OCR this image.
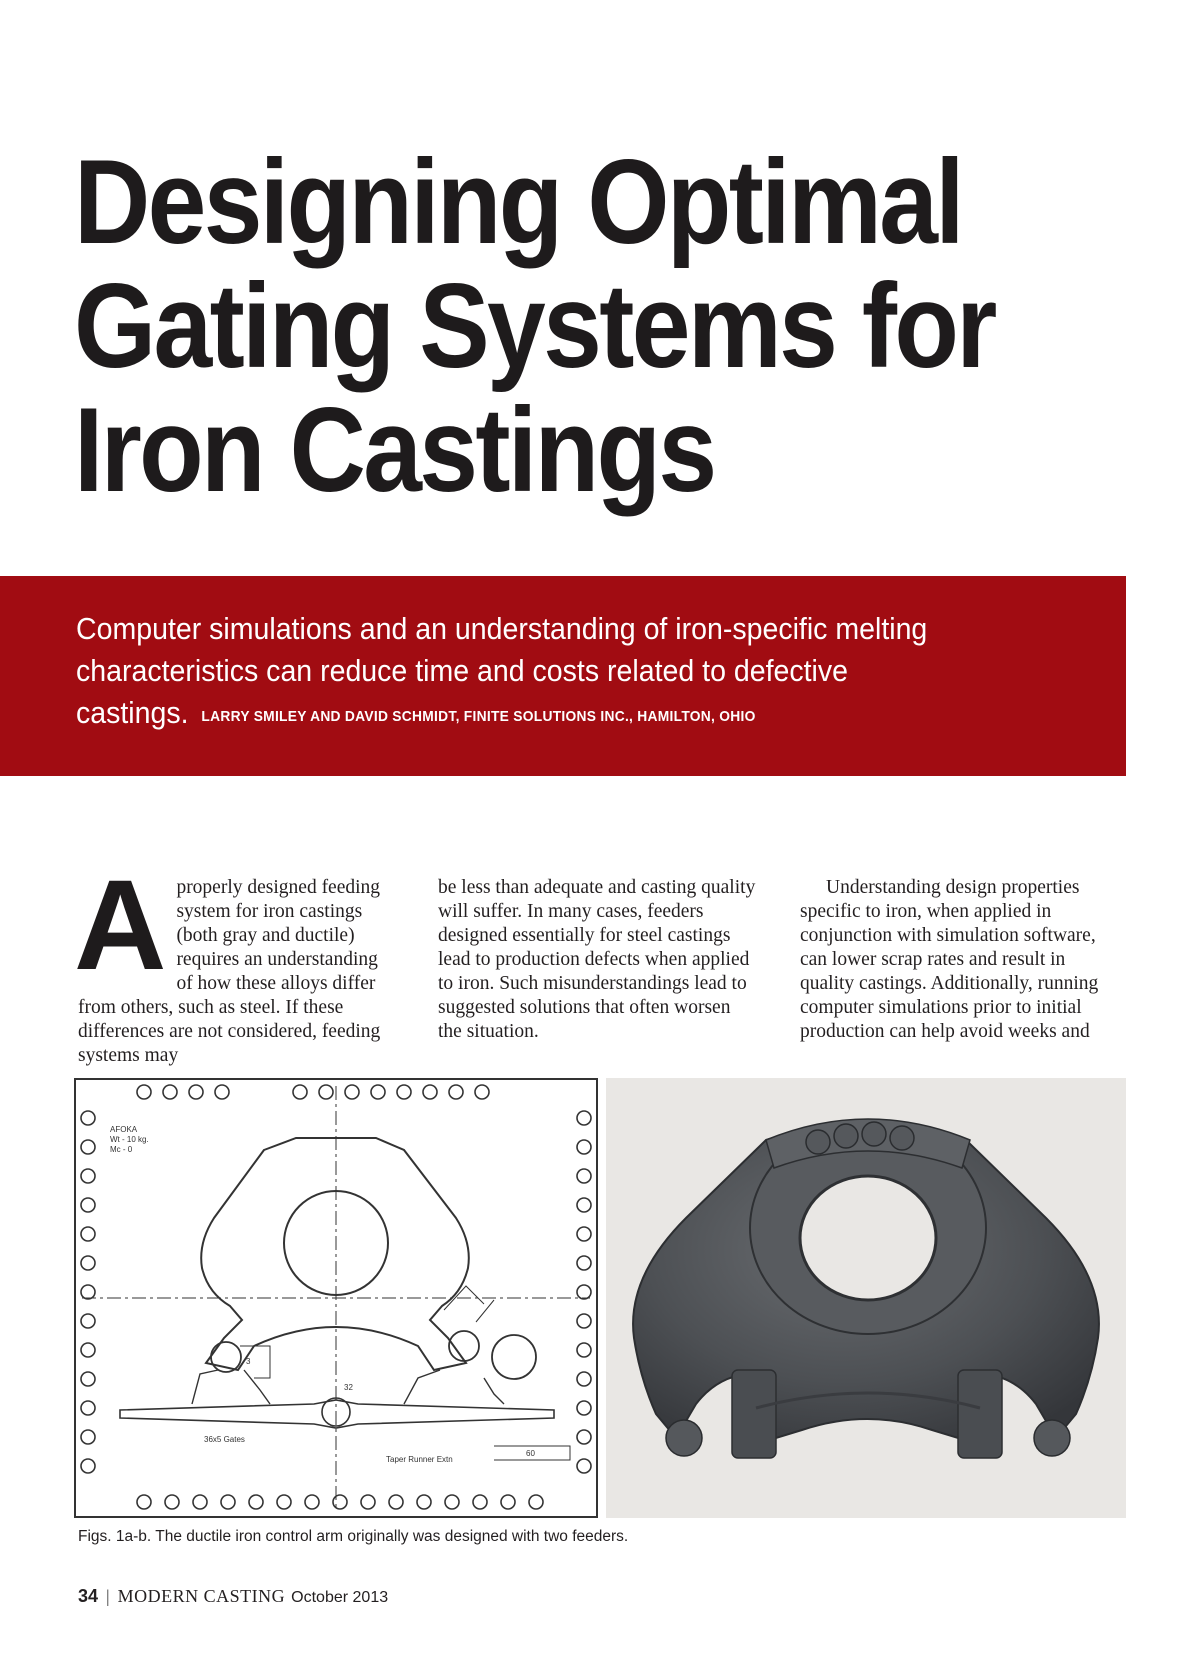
Designing Optimal
Gating Systems for
Iron Castings
Computer simulations and an understanding of iron-specific melting characteristics can reduce time and costs related to defective castings. LARRY SMILEY AND DAVID SCHMIDT, FINITE SOLUTIONS INC., HAMILTON, OHIO
A properly designed feeding system for iron castings (both gray and ductile) requires an understanding of how these alloys differ from others, such as steel. If these differences are not considered, feeding systems may

be less than adequate and casting quality will suffer. In many cases, feeders designed essentially for steel castings lead to production defects when applied to iron. Such misunderstandings lead to suggested solutions that often worsen the situation.

Understanding design properties specific to iron, when applied in conjunction with simulation software, can lower scrap rates and result in quality castings. Additionally, running computer simulations prior to initial production can help avoid weeks and

AFOKA
Wt - 10 kg.
Mc - 0
36x5 Gates
Taper Runner Extn
60
32
3
Figs. 1a-b. The ductile iron control arm originally was designed with two feeders.
34 | MODERN CASTING October 2013
